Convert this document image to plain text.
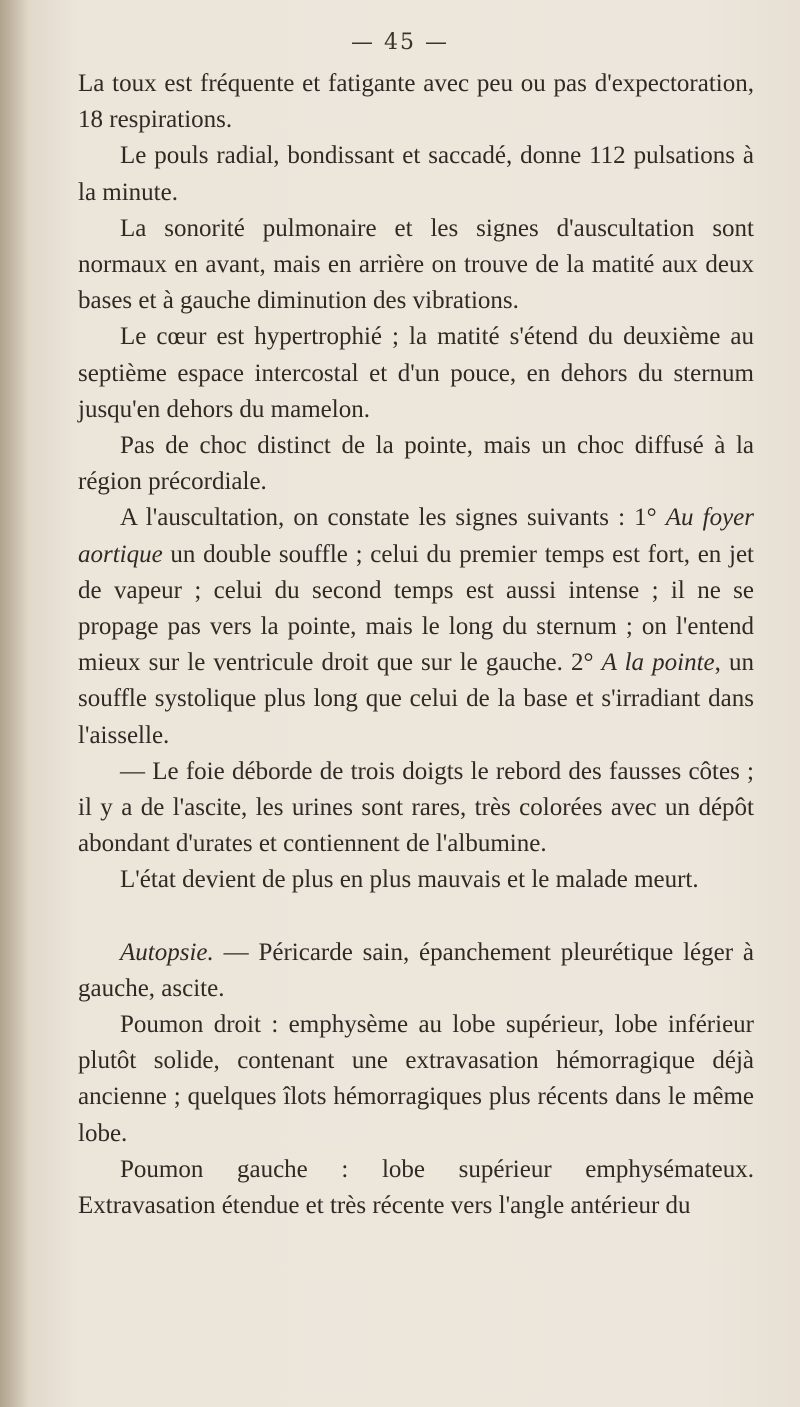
— 45 —

La toux est fréquente et fatigante avec peu ou pas d'expectoration, 18 respirations.

Le pouls radial, bondissant et saccadé, donne 112 pulsations à la minute.

La sonorité pulmonaire et les signes d'auscultation sont normaux en avant, mais en arrière on trouve de la matité aux deux bases et à gauche diminution des vibrations.

Le cœur est hypertrophié ; la matité s'étend du deuxième au septième espace intercostal et d'un pouce, en dehors du sternum jusqu'en dehors du mamelon.

Pas de choc distinct de la pointe, mais un choc diffusé à la région précordiale.

A l'auscultation, on constate les signes suivants : 1° Au foyer aortique un double souffle ; celui du premier temps est fort, en jet de vapeur ; celui du second temps est aussi intense ; il ne se propage pas vers la pointe, mais le long du sternum ; on l'entend mieux sur le ventricule droit que sur le gauche. 2° A la pointe, un souffle systolique plus long que celui de la base et s'irradiant dans l'aisselle.

— Le foie déborde de trois doigts le rebord des fausses côtes ; il y a de l'ascite, les urines sont rares, très colorées avec un dépôt abondant d'urates et contiennent de l'albumine.

L'état devient de plus en plus mauvais et le malade meurt.

Autopsie. — Péricarde sain, épanchement pleurétique léger à gauche, ascite.

Poumon droit : emphysème au lobe supérieur, lobe inférieur plutôt solide, contenant une extravasation hémorragique déjà ancienne ; quelques îlots hémorragiques plus récents dans le même lobe.

Poumon gauche : lobe supérieur emphysémateux. Extravasation étendue et très récente vers l'angle antérieur du
